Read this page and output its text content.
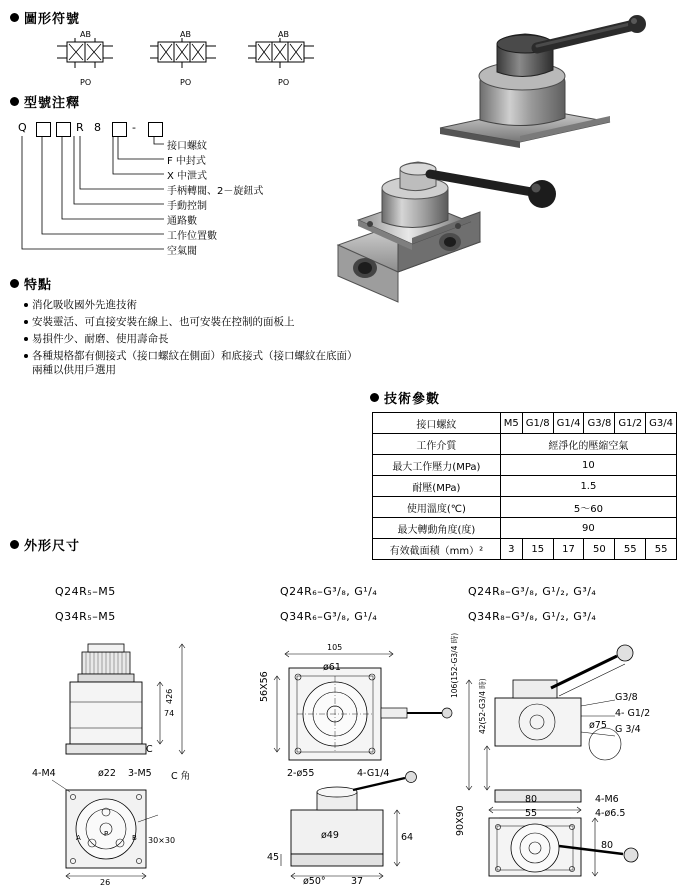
圖形符號
AB
PO
AB
PO
AB
PO
型號注釋
Q	R 8	-
接口螺紋
F 中封式
X 中泄式
手柄轉閥、2－旋鈕式
手動控制
通路數
工作位置數
空氣閥
特點
消化吸收國外先進技術
安裝靈活、可直接安裝在線上、也可安裝在控制的面板上
易損件少、耐磨、使用壽命長
各種規格都有側接式（接口螺紋在側面）和底接式（接口螺紋在底面）兩種以供用戶選用
技術參數
接口螺紋	M5	G1/8	G1/4	G3/8	G1/2	G3/4
工作介質	經淨化的壓縮空氣					
最大工作壓力(MPa)	10					
耐壓(MPa)	1.5					
使用溫度(℃)	5～60					
最大轉動角度(度)	90					
有效截面積（mm）²	3	15	17	50	55	55
外形尺寸
Q24R₅–M5
Q34R₅–M5
Q24R₆–G³/₈, G¹/₄
Q34R₆–G³/₈, G¹/₄
Q24R₈–G³/₈, G¹/₂, G³/₄
Q34R₈–G³/₈, G¹/₂, G³/₄
74
426
26
A	B
P
4-M4	ø22 3-M5 C 角
C
30×30
105
ø61
56X56
2-ø55	4-G1/4
64
ø49
45
ø50°	37
G3/8
4- G1/2
G 3/4
ø75
106(152-G3/4 時)
42(52-G3/4 時)
80
55
4-M6
4-ø6.5
90X90
80
